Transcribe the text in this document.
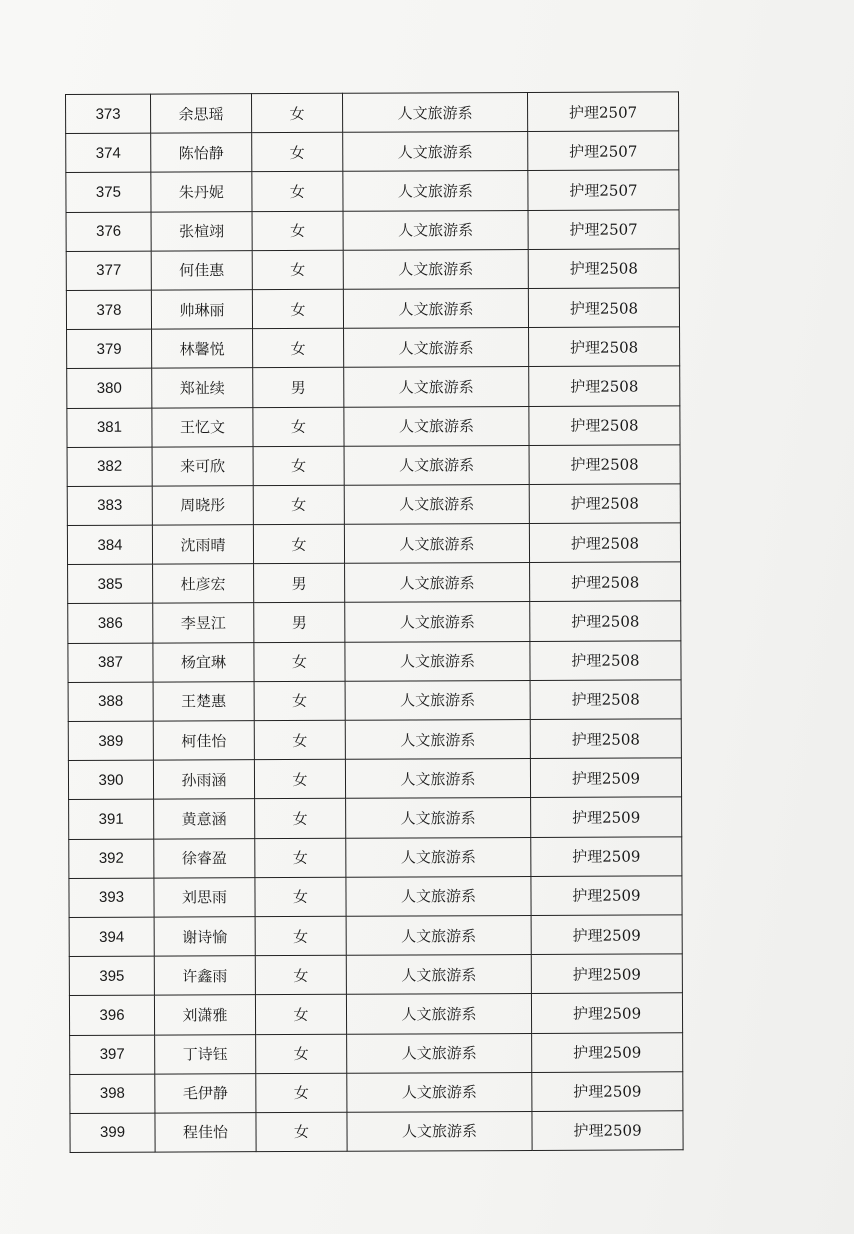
373	余思瑶	女	人文旅游系	护理2507
374	陈怡静	女	人文旅游系	护理2507
375	朱丹妮	女	人文旅游系	护理2507
376	张楦翊	女	人文旅游系	护理2507
377	何佳惠	女	人文旅游系	护理2508
378	帅琳丽	女	人文旅游系	护理2508
379	林馨悦	女	人文旅游系	护理2508
380	郑祉续	男	人文旅游系	护理2508
381	王忆文	女	人文旅游系	护理2508
382	来可欣	女	人文旅游系	护理2508
383	周晓彤	女	人文旅游系	护理2508
384	沈雨晴	女	人文旅游系	护理2508
385	杜彦宏	男	人文旅游系	护理2508
386	李昱江	男	人文旅游系	护理2508
387	杨宜琳	女	人文旅游系	护理2508
388	王楚惠	女	人文旅游系	护理2508
389	柯佳怡	女	人文旅游系	护理2508
390	孙雨涵	女	人文旅游系	护理2509
391	黄意涵	女	人文旅游系	护理2509
392	徐睿盈	女	人文旅游系	护理2509
393	刘思雨	女	人文旅游系	护理2509
394	谢诗愉	女	人文旅游系	护理2509
395	许鑫雨	女	人文旅游系	护理2509
396	刘潇雅	女	人文旅游系	护理2509
397	丁诗钰	女	人文旅游系	护理2509
398	毛伊静	女	人文旅游系	护理2509
399	程佳怡	女	人文旅游系	护理2509
